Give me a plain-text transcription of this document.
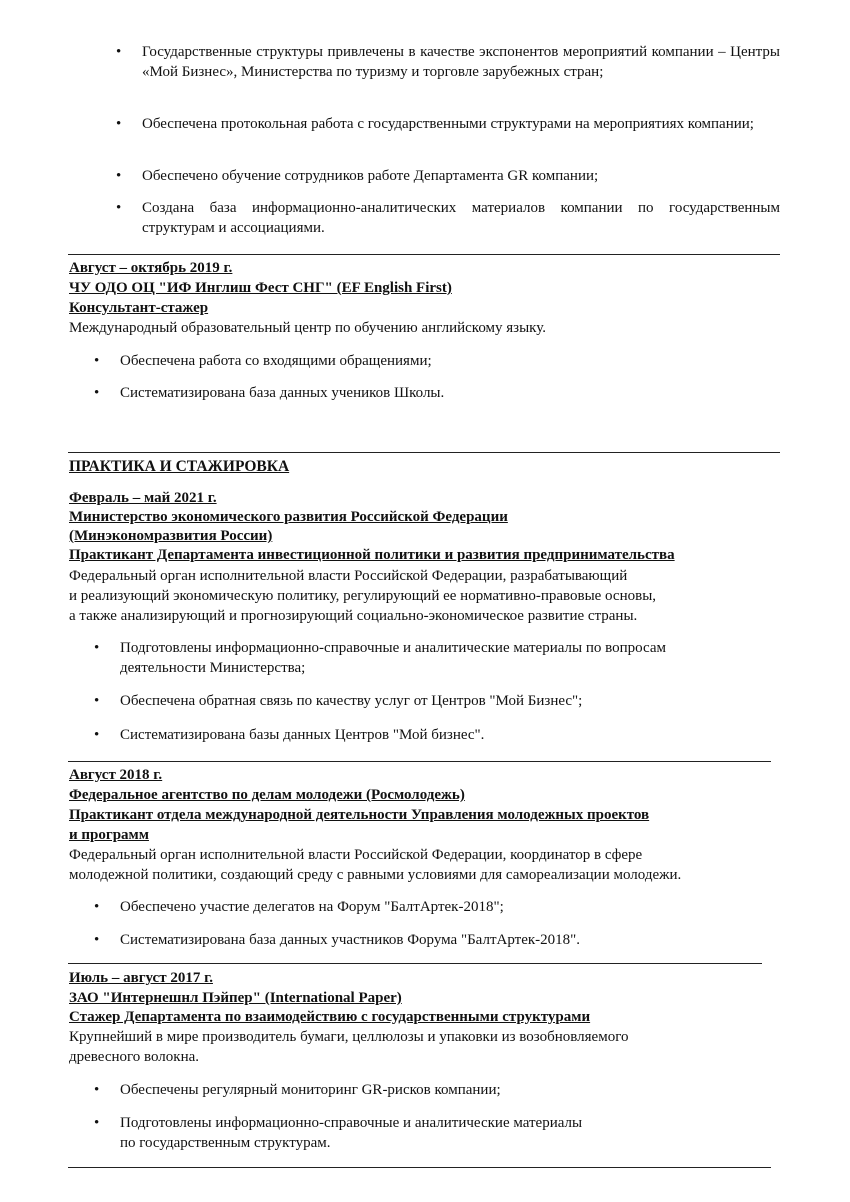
•	Государственные структуры привлечены в качестве экспонентов мероприятий компании – Центры «Мой Бизнес», Министерства по туризму и торговле зарубежных стран;
•	Обеспечена протокольная работа с государственными структурами на мероприятиях компании;
•	Обеспечено обучение сотрудников работе Департамента GR компании;
•	Создана база информационно-аналитических материалов компании по государственным структурам и ассоциациями.
Август – октябрь 2019 г.
ЧУ ОДО ОЦ "ИФ Инглиш Фест СНГ" (EF English First)
Консультант-стажер
Международный образовательный центр по обучению английскому языку.
•	Обеспечена работа со входящими обращениями;
•	Систематизирована база данных учеников Школы.
ПРАКТИКА И СТАЖИРОВКА
Февраль – май 2021 г.
Министерство экономического развития Российской Федерации
(Минэкономразвития России)
Практикант Департамента инвестиционной политики и развития предпринимательства
Федеральный орган исполнительной власти Российской Федерации, разрабатывающий
и реализующий экономическую политику, регулирующий ее нормативно-правовые основы,
а также анализирующий и прогнозирующий социально-экономическое развитие страны.
•	Подготовлены информационно-справочные и аналитические материалы по вопросам
деятельности Министерства;
•	Обеспечена обратная связь по качеству услуг от Центров "Мой Бизнес";
•	Систематизирована базы данных Центров "Мой бизнес".
Август 2018 г.
Федеральное агентство по делам молодежи (Росмолодежь)
Практикант отдела международной деятельности Управления молодежных проектов
и программ
Федеральный орган исполнительной власти Российской Федерации, координатор в сфере
молодежной политики, создающий среду с равными условиями для самореализации молодежи.
•	Обеспечено участие делегатов на Форум "БалтАртек-2018";
•	Систематизирована база данных участников Форума "БалтАртек-2018".
Июль – август 2017 г.
ЗАО "Интернешнл Пэйпер" (International Paper)
Стажер Департамента по взаимодействию с государственными структурами
Крупнейший в мире производитель бумаги, целлюлозы и упаковки из возобновляемого
древесного волокна.
•	Обеспечены регулярный мониторинг GR-рисков компании;
•	Подготовлены информационно-справочные и аналитические материалы
по государственным структурам.
